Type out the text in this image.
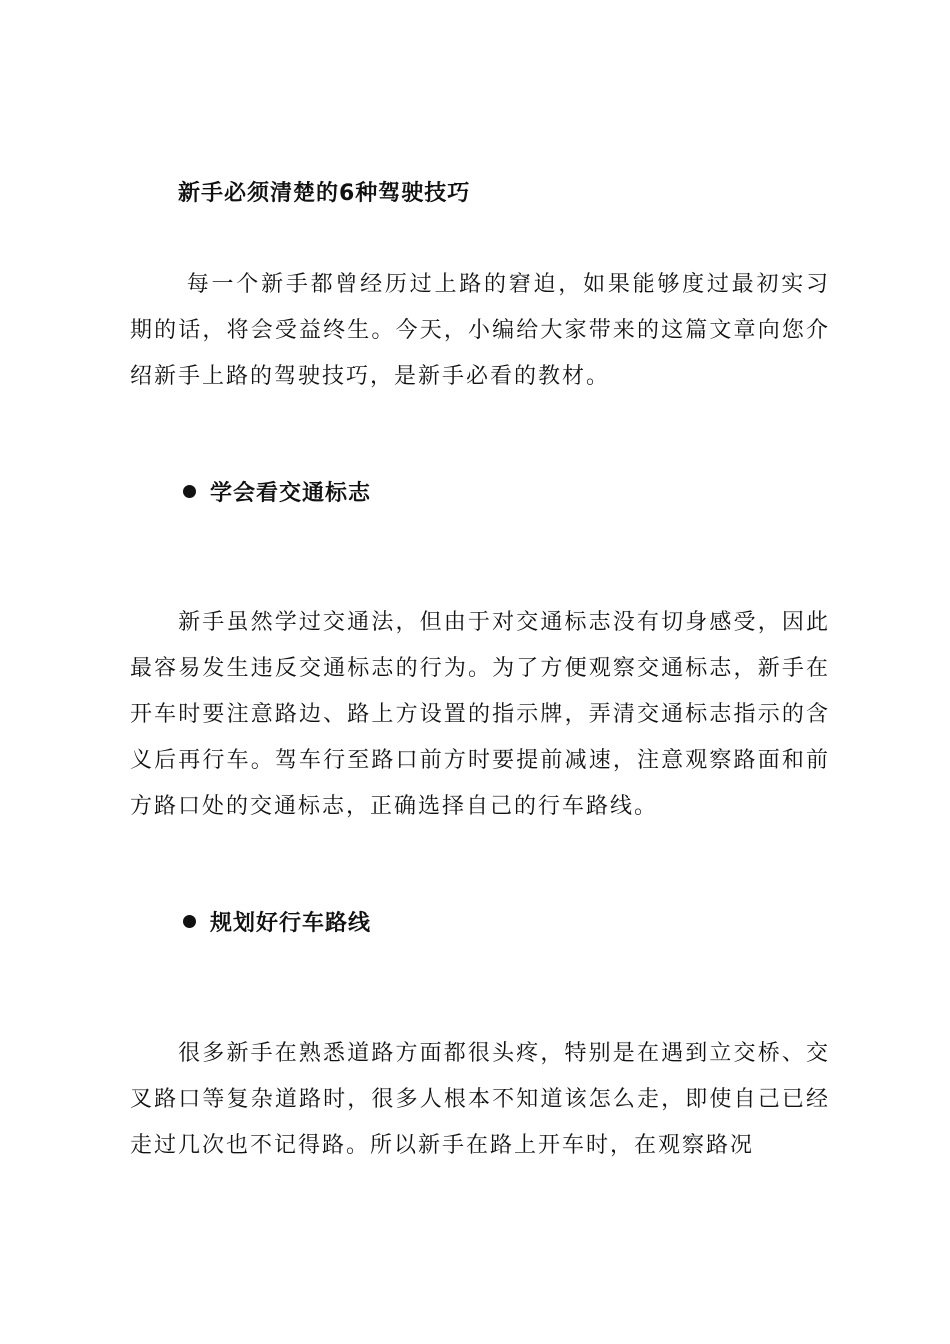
新手必须清楚的6种驾驶技巧
每一个新手都曾经历过上路的窘迫，如果能够度过最初实习期的话，将会受益终生。今天，小编给大家带来的这篇文章向您介绍新手上路的驾驶技巧，是新手必看的教材。
学会看交通标志
新手虽然学过交通法，但由于对交通标志没有切身感受，因此最容易发生违反交通标志的行为。为了方便观察交通标志，新手在开车时要注意路边、路上方设置的指示牌，弄清交通标志指示的含义后再行车。驾车行至路口前方时要提前减速，注意观察路面和前方路口处的交通标志，正确选择自己的行车路线。
规划好行车路线
很多新手在熟悉道路方面都很头疼，特别是在遇到立交桥、交叉路口等复杂道路时，很多人根本不知道该怎么走，即使自己已经走过几次也不记得路。所以新手在路上开车时，在观察路况
